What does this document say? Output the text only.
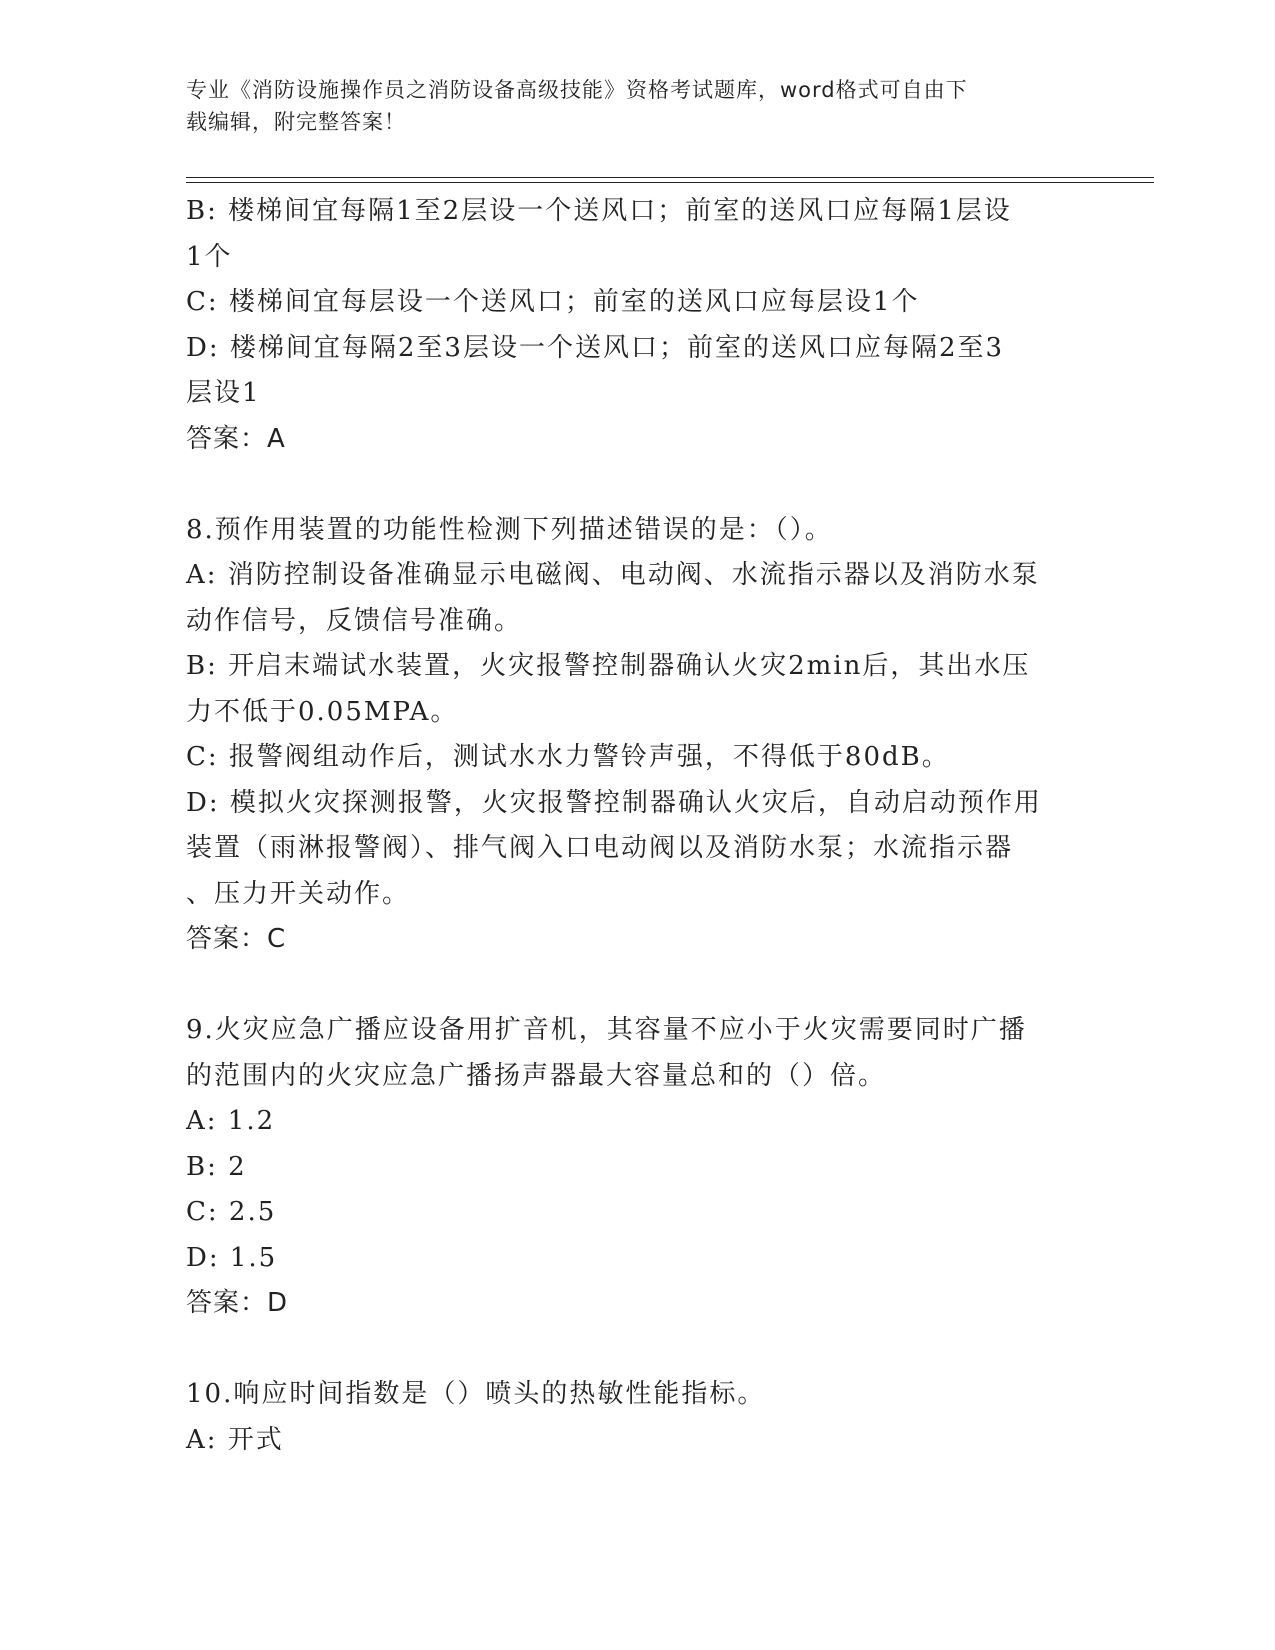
专业《消防设施操作员之消防设备高级技能》资格考试题库，word格式可自由下
载编辑，附完整答案！
B: 楼梯间宜每隔1至2层设一个送风口；前室的送风口应每隔1层设
1个
C: 楼梯间宜每层设一个送风口；前室的送风口应每层设1个
D: 楼梯间宜每隔2至3层设一个送风口；前室的送风口应每隔2至3
层设1
答案：A
8.预作用装置的功能性检测下列描述错误的是：（）。
A: 消防控制设备准确显示电磁阀、电动阀、水流指示器以及消防水泵
动作信号，反馈信号准确。
B: 开启末端试水装置，火灾报警控制器确认火灾2min后，其出水压
力不低于0.05MPA。
C: 报警阀组动作后，测试水水力警铃声强，不得低于80dB。
D: 模拟火灾探测报警，火灾报警控制器确认火灾后，自动启动预作用
装置（雨淋报警阀）、排气阀入口电动阀以及消防水泵；水流指示器
、压力开关动作。
答案：C
9.火灾应急广播应设备用扩音机，其容量不应小于火灾需要同时广播
的范围内的火灾应急广播扬声器最大容量总和的（）倍。
A: 1.2
B: 2
C: 2.5
D: 1.5
答案：D
10.响应时间指数是（）喷头的热敏性能指标。
A: 开式
